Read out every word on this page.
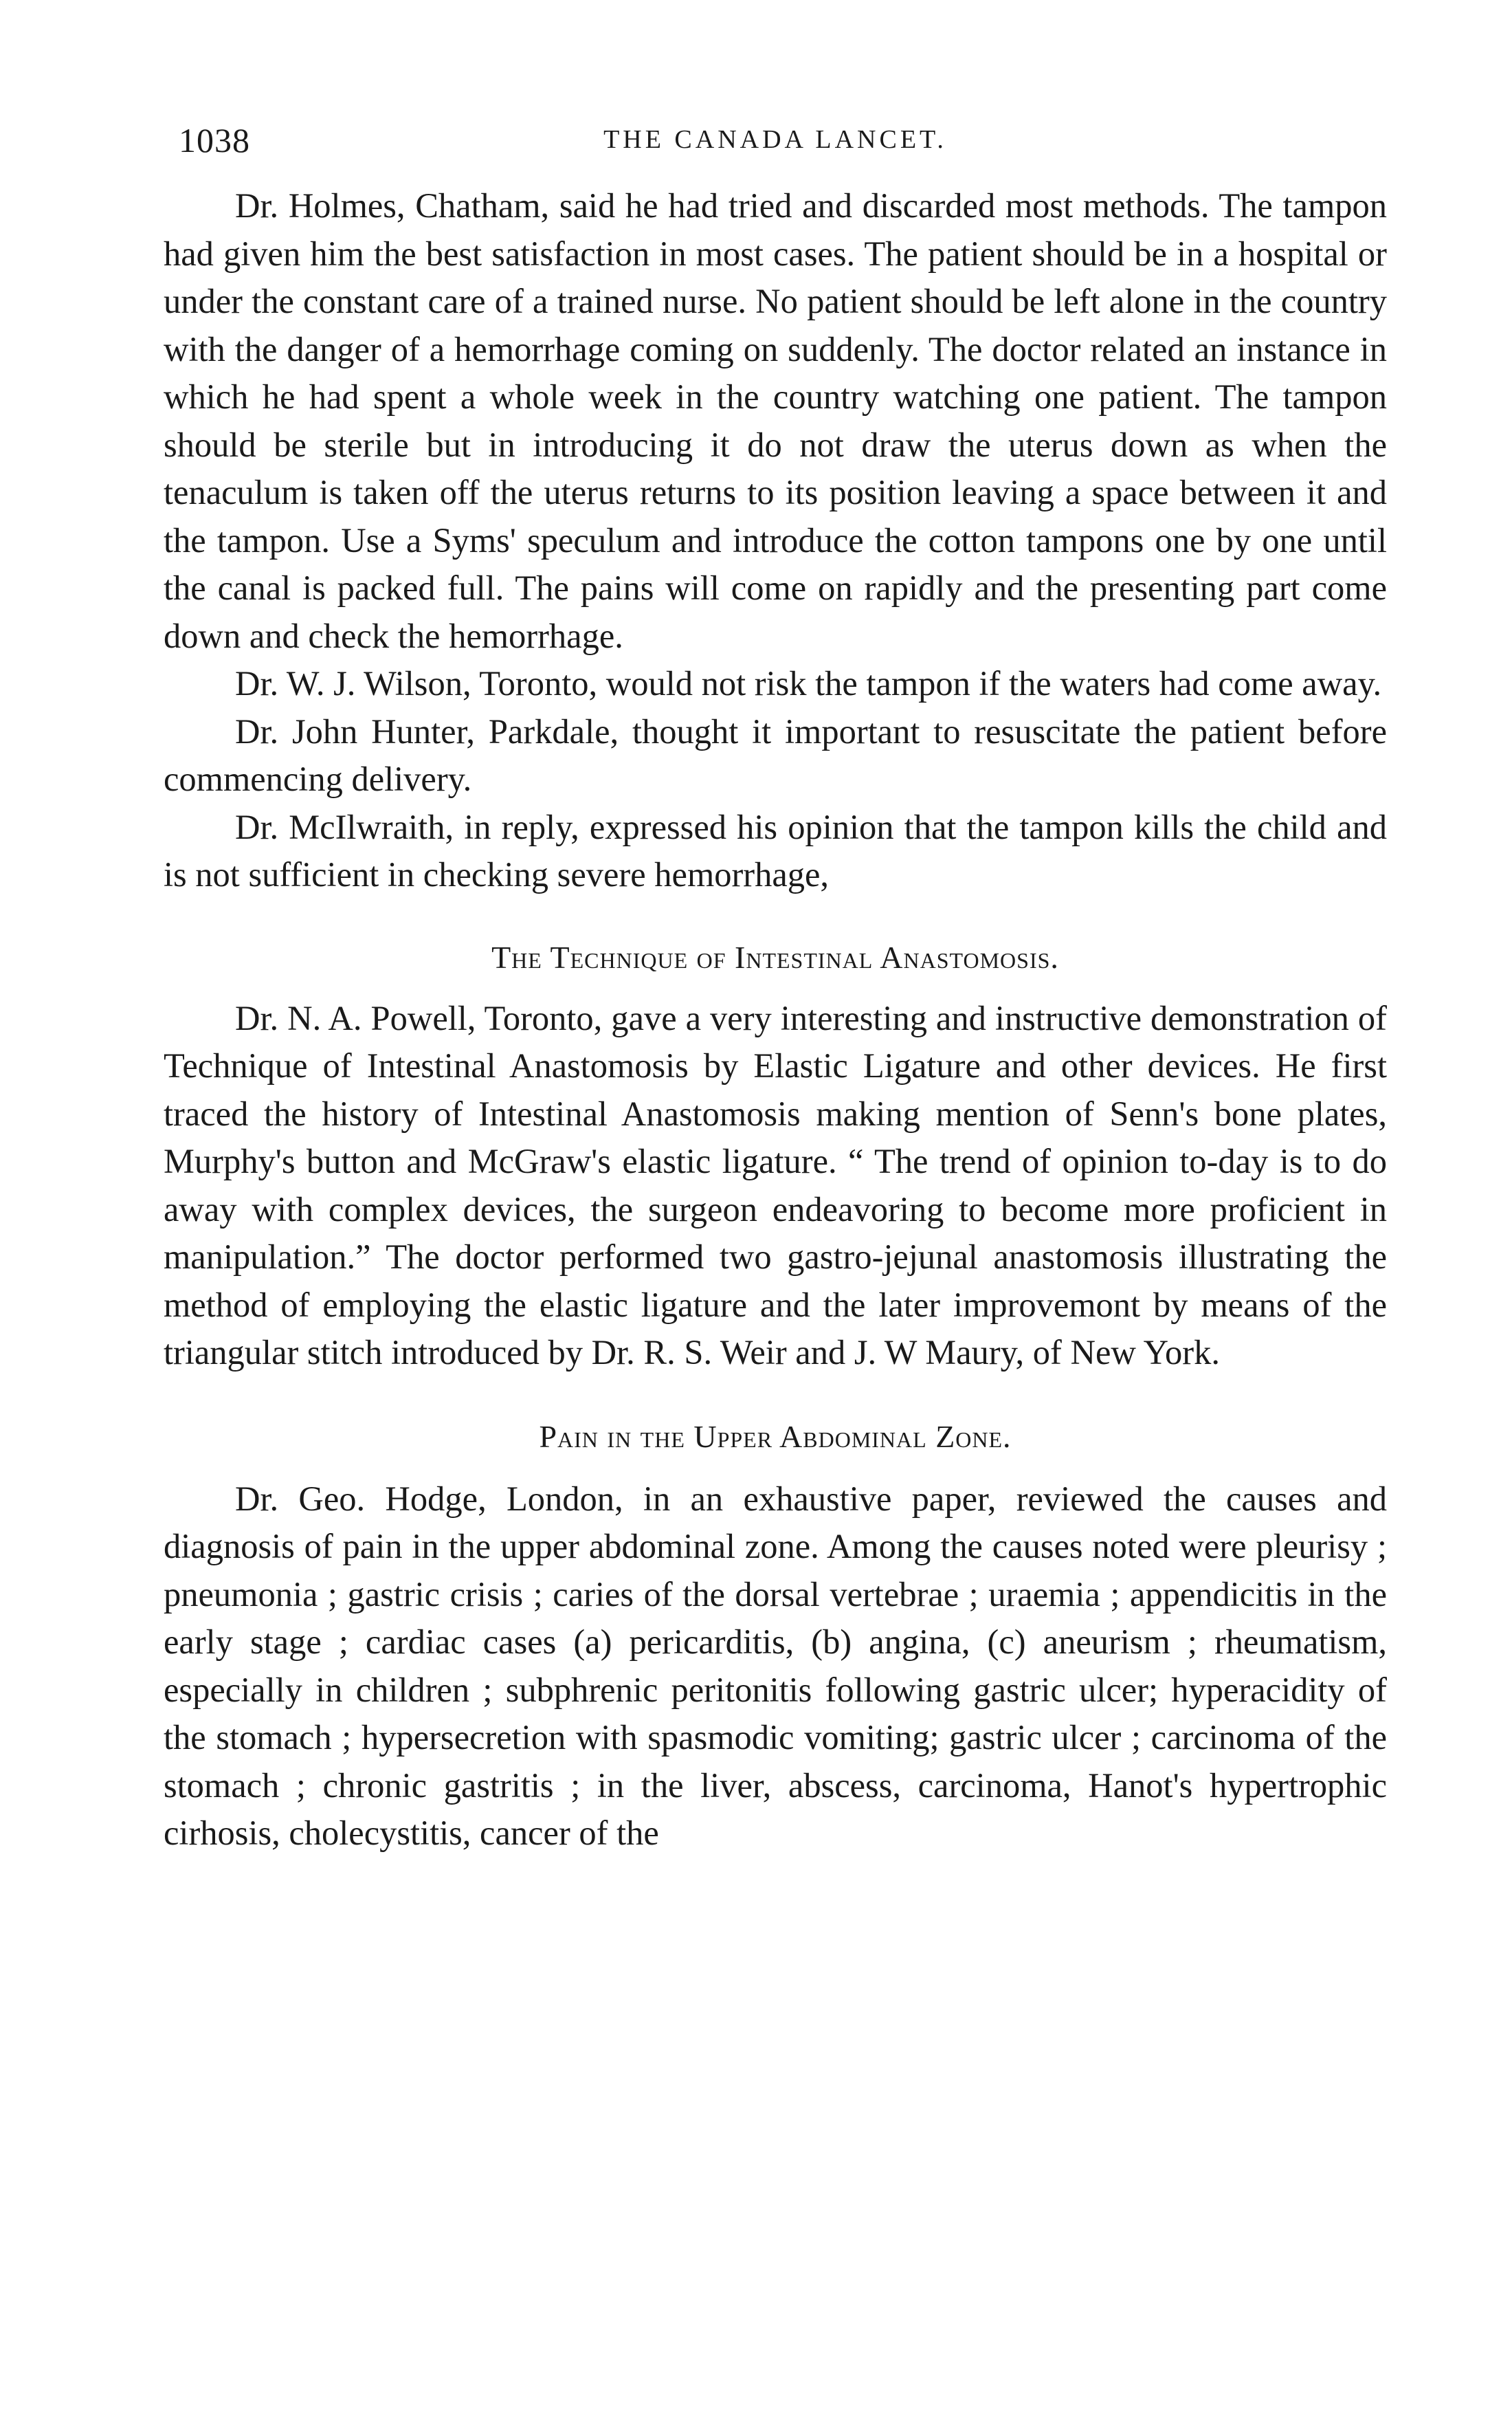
1038	THE CANADA LANCET.

Dr. Holmes, Chatham, said he had tried and discarded most methods. The tampon had given him the best satisfaction in most cases. The patient should be in a hospital or under the constant care of a trained nurse. No patient should be left alone in the country with the danger of a hemorrhage coming on suddenly. The doctor related an instance in which he had spent a whole week in the country watching one patient. The tampon should be sterile but in introducing it do not draw the uterus down as when the tenaculum is taken off the uterus returns to its position leaving a space between it and the tampon. Use a Syms' speculum and introduce the cotton tampons one by one until the canal is packed full. The pains will come on rapidly and the presenting part come down and check the hemorrhage.

Dr. W. J. Wilson, Toronto, would not risk the tampon if the waters had come away.

Dr. John Hunter, Parkdale, thought it important to resuscitate the patient before commencing delivery.

Dr. McIlwraith, in reply, expressed his opinion that the tampon kills the child and is not sufficient in checking severe hemorrhage,

The Technique of Intestinal Anastomosis.

Dr. N. A. Powell, Toronto, gave a very interesting and instructive demonstration of Technique of Intestinal Anastomosis by Elastic Ligature and other devices. He first traced the history of Intestinal Anastomosis making mention of Senn's bone plates, Murphy's button and McGraw's elastic ligature. “ The trend of opinion to-day is to do away with complex devices, the surgeon endeavoring to become more proficient in manipulation.” The doctor performed two gastro-jejunal anastomosis illustrating the method of employing the elastic ligature and the later improvemont by means of the triangular stitch introduced by Dr. R. S. Weir and J. W Maury, of New York.

Pain in the Upper Abdominal Zone.

Dr. Geo. Hodge, London, in an exhaustive paper, reviewed the causes and diagnosis of pain in the upper abdominal zone. Among the causes noted were pleurisy ; pneumonia ; gastric crisis ; caries of the dorsal vertebrae ; uraemia ; appendicitis in the early stage ; cardiac cases (a) pericarditis, (b) angina, (c) aneurism ; rheumatism, especially in children ; subphrenic peritonitis following gastric ulcer; hyperacidity of the stomach ; hypersecretion with spasmodic vomiting; gastric ulcer ; carcinoma of the stomach ; chronic gastritis ; in the liver, abscess, carcinoma, Hanot's hypertrophic cirhosis, cholecystitis, cancer of the
